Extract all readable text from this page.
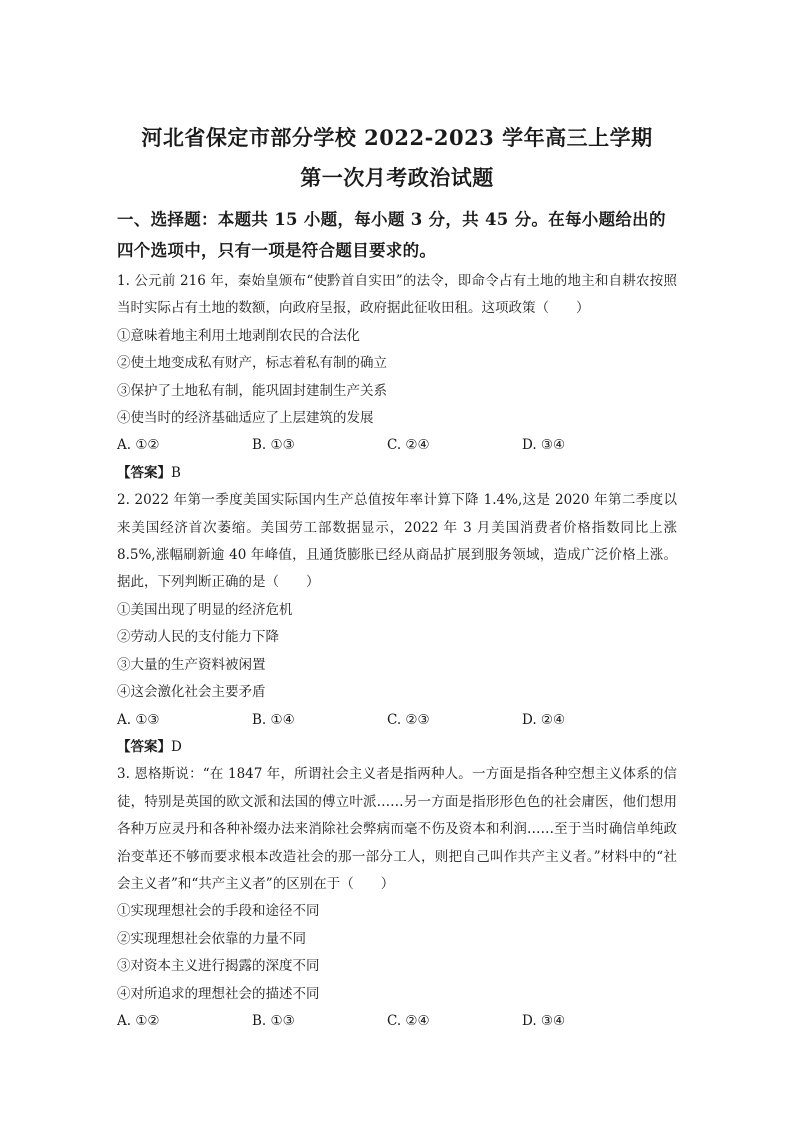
河北省保定市部分学校 2022-2023 学年高三上学期
第一次月考政治试题

一、选择题：本题共 15 小题，每小题 3 分，共 45 分。在每小题给出的四个选项中，只有一项是符合题目要求的。

1. 公元前 216 年，秦始皇颁布“使黔首自实田”的法令，即命令占有土地的地主和自耕农按照当时实际占有土地的数额，向政府呈报，政府据此征收田租。这项政策（　　）

①意味着地主利用土地剥削农民的合法化

②使土地变成私有财产，标志着私有制的确立

③保护了土地私有制，能巩固封建制生产关系

④使当时的经济基础适应了上层建筑的发展

A. ①②	B. ①③	C. ②④	D. ③④

【答案】B

2. 2022 年第一季度美国实际国内生产总值按年率计算下降 1.4%,这是 2020 年第二季度以来美国经济首次萎缩。美国劳工部数据显示，2022 年 3 月美国消费者价格指数同比上涨 8.5%,涨幅刷新逾 40 年峰值，且通货膨胀已经从商品扩展到服务领域，造成广泛价格上涨。据此，下列判断正确的是（　　）

①美国出现了明显的经济危机

②劳动人民的支付能力下降

③大量的生产资料被闲置

④这会激化社会主要矛盾

A. ①③	B. ①④	C. ②③	D. ②④

【答案】D

3. 恩格斯说：“在 1847 年，所谓社会主义者是指两种人。一方面是指各种空想主义体系的信徒，特别是英国的欧文派和法国的傅立叶派……另一方面是指形形色色的社会庸医，他们想用各种万应灵丹和各种补缀办法来消除社会弊病而毫不伤及资本和利润……至于当时确信单纯政治变革还不够而要求根本改造社会的那一部分工人，则把自己叫作共产主义者。”材料中的“社会主义者”和“共产主义者”的区别在于（　　）

①实现理想社会的手段和途径不同

②实现理想社会依靠的力量不同

③对资本主义进行揭露的深度不同

④对所追求的理想社会的描述不同

A. ①②	B. ①③	C. ②④	D. ③④
